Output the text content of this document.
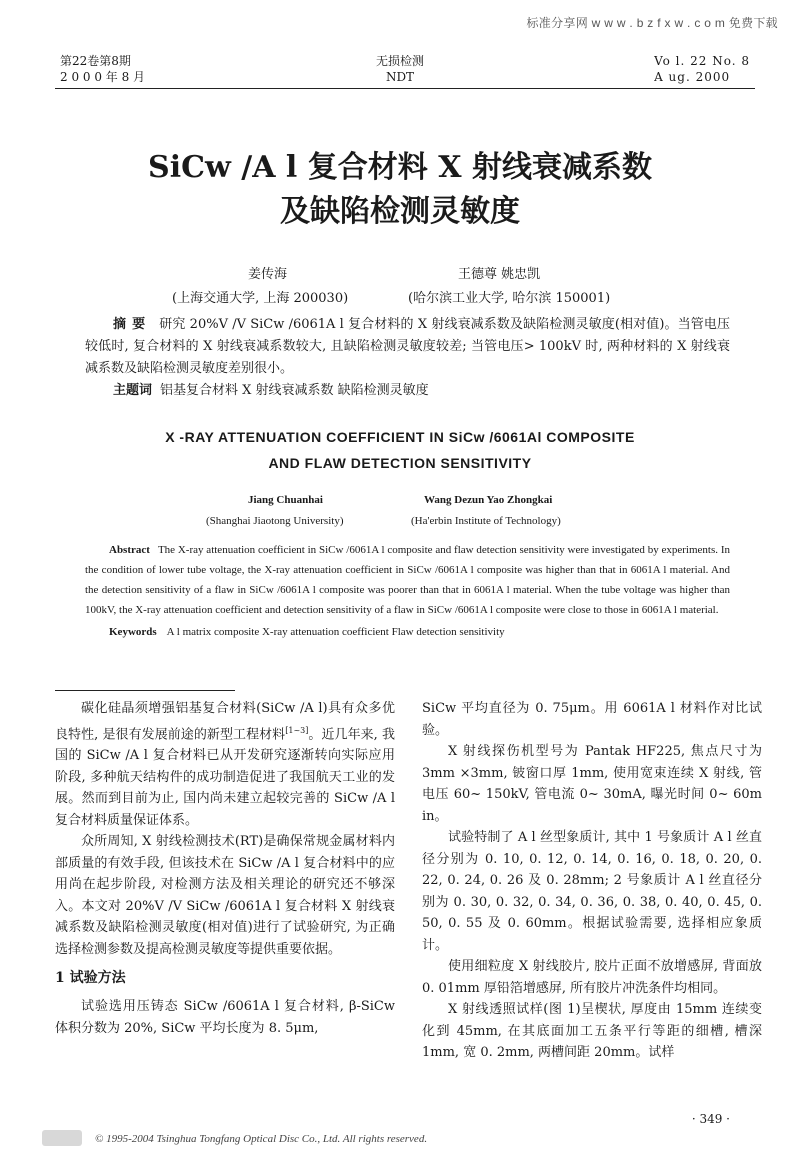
标准分享网 w w w . b z f x w . c o m 免费下载
第22卷第8期
2 0 0 0 年 8 月
无损检测
NDT
Vo l. 22 No. 8
A ug. 2000
SiCw /A l 复合材料 X 射线衰减系数
及缺陷检测灵敏度
姜传海	王德尊 姚忠凯
(上海交通大学, 上海 200030)	(哈尔滨工业大学, 哈尔滨 150001)
摘要 研究 20%V /V SiCw /6061A l 复合材料的 X 射线衰减系数及缺陷检测灵敏度(相对值)。当管电压较低时, 复合材料的 X 射线衰减系数较大, 且缺陷检测灵敏度较差; 当管电压> 100kV 时, 两种材料的 X 射线衰减系数及缺陷检测灵敏度差别很小。
主题词 铝基复合材料 X 射线衰减系数 缺陷检测灵敏度
X -RAY ATTENUATION COEFFICIENT IN SiCw /6061Al COMPOSITE
AND FLAW DETECTION SENSITIVITY
Jiang Chuanhai	Wang Dezun Yao Zhongkai
(Shanghai Jiaotong University)	(Ha'erbin Institute of Technology)
Abstract The X-ray attenuation coefficient in SiCw /6061A l composite and flaw detection sensitivity were investigated by experiments. In the condition of lower tube voltage, the X-ray attenuation coefficient in SiCw /6061A l composite was higher than that in 6061A l material. And the detection sensitivity of a flaw in SiCw /6061A l composite was poorer than that in 6061A l material. When the tube voltage was higher than 100kV, the X-ray attenuation coefficient and detection sensitivity of a flaw in SiCw /6061A l composite were close to those in 6061A l material.
Keywords A l matrix composite X-ray attenuation coefficient Flaw detection sensitivity

碳化硅晶须增强铝基复合材料(SiCw /A l)具有众多优良特性, 是很有发展前途的新型工程材料[1~3]。近几年来, 我国的 SiCw /A l 复合材料已从开发研究逐渐转向实际应用阶段, 多种航天结构件的成功制造促进了我国航天工业的发展。然而到目前为止, 国内尚未建立起较完善的 SiCw /A l 复合材料质量保证体系。

众所周知, X 射线检测技术(RT)是确保常规金属材料内部质量的有效手段, 但该技术在 SiCw /A l 复合材料中的应用尚在起步阶段, 对检测方法及相关理论的研究还不够深入。本文对 20%V /V SiCw /6061A l 复合材料 X 射线衰减系数及缺陷检测灵敏度(相对值)进行了试验研究, 为正确选择检测参数及提高检测灵敏度等提供重要依据。

1 试验方法

试验选用压铸态 SiCw /6061A l 复合材料, β-SiCw 体积分数为 20%, SiCw 平均长度为 8. 5μm,

SiCw 平均直径为 0. 75μm。用 6061A l 材料作对比试验。

X 射线探伤机型号为 Pantak HF225, 焦点尺寸为 3mm ×3mm, 铍窗口厚 1mm, 使用宽束连续 X 射线, 管电压 60~ 150kV, 管电流 0~ 30mA, 曝光时间 0~ 60m in。

试验特制了 A l 丝型象质计, 其中 1 号象质计 A l 丝直径分别为 0. 10, 0. 12, 0. 14, 0. 16, 0. 18, 0. 20, 0. 22, 0. 24, 0. 26 及 0. 28mm; 2 号象质计 A l 丝直径分别为 0. 30, 0. 32, 0. 34, 0. 36, 0. 38, 0. 40, 0. 45, 0. 50, 0. 55 及 0. 60mm。根据试验需要, 选择相应象质计。

使用细粒度 X 射线胶片, 胶片正面不放增感屏, 背面放 0. 01mm 厚铅箔增感屏, 所有胶片冲洗条件均相同。

X 射线透照试样(图 1)呈楔状, 厚度由 15mm 连续变化到 45mm, 在其底面加工五条平行等距的细槽, 槽深 1mm, 宽 0. 2mm, 两槽间距 20mm。试样

· 349 ·
© 1995-2004 Tsinghua Tongfang Optical Disc Co., Ltd. All rights reserved.
